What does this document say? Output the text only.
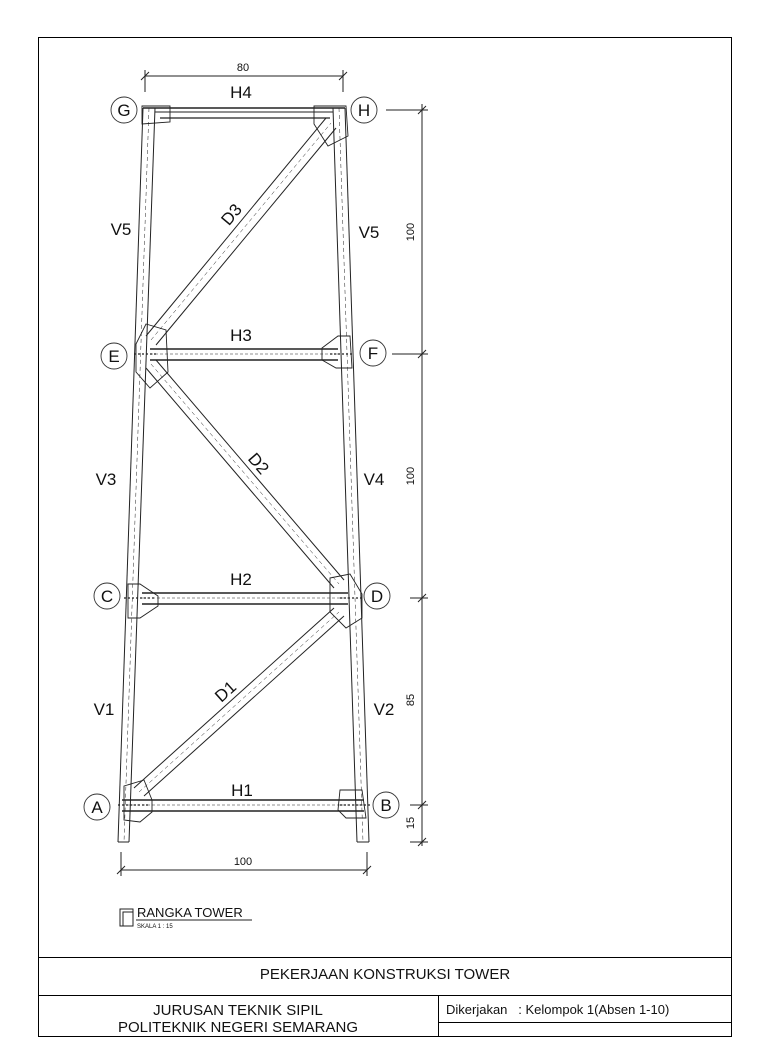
G	H
E	F
C	D
A	B
H4
H3
H2
H1
V5	V5
V3	V4
V1	V2
D3
D2
D1
80
100
100
100
85
15
RANGKA TOWER
SKALA 1 : 15
PEKERJAAN KONSTRUKSI TOWER
JURUSAN TEKNIK SIPIL
POLITEKNIK NEGERI SEMARANG
Dikerjakan : Kelompok 1(Absen 1-10)
